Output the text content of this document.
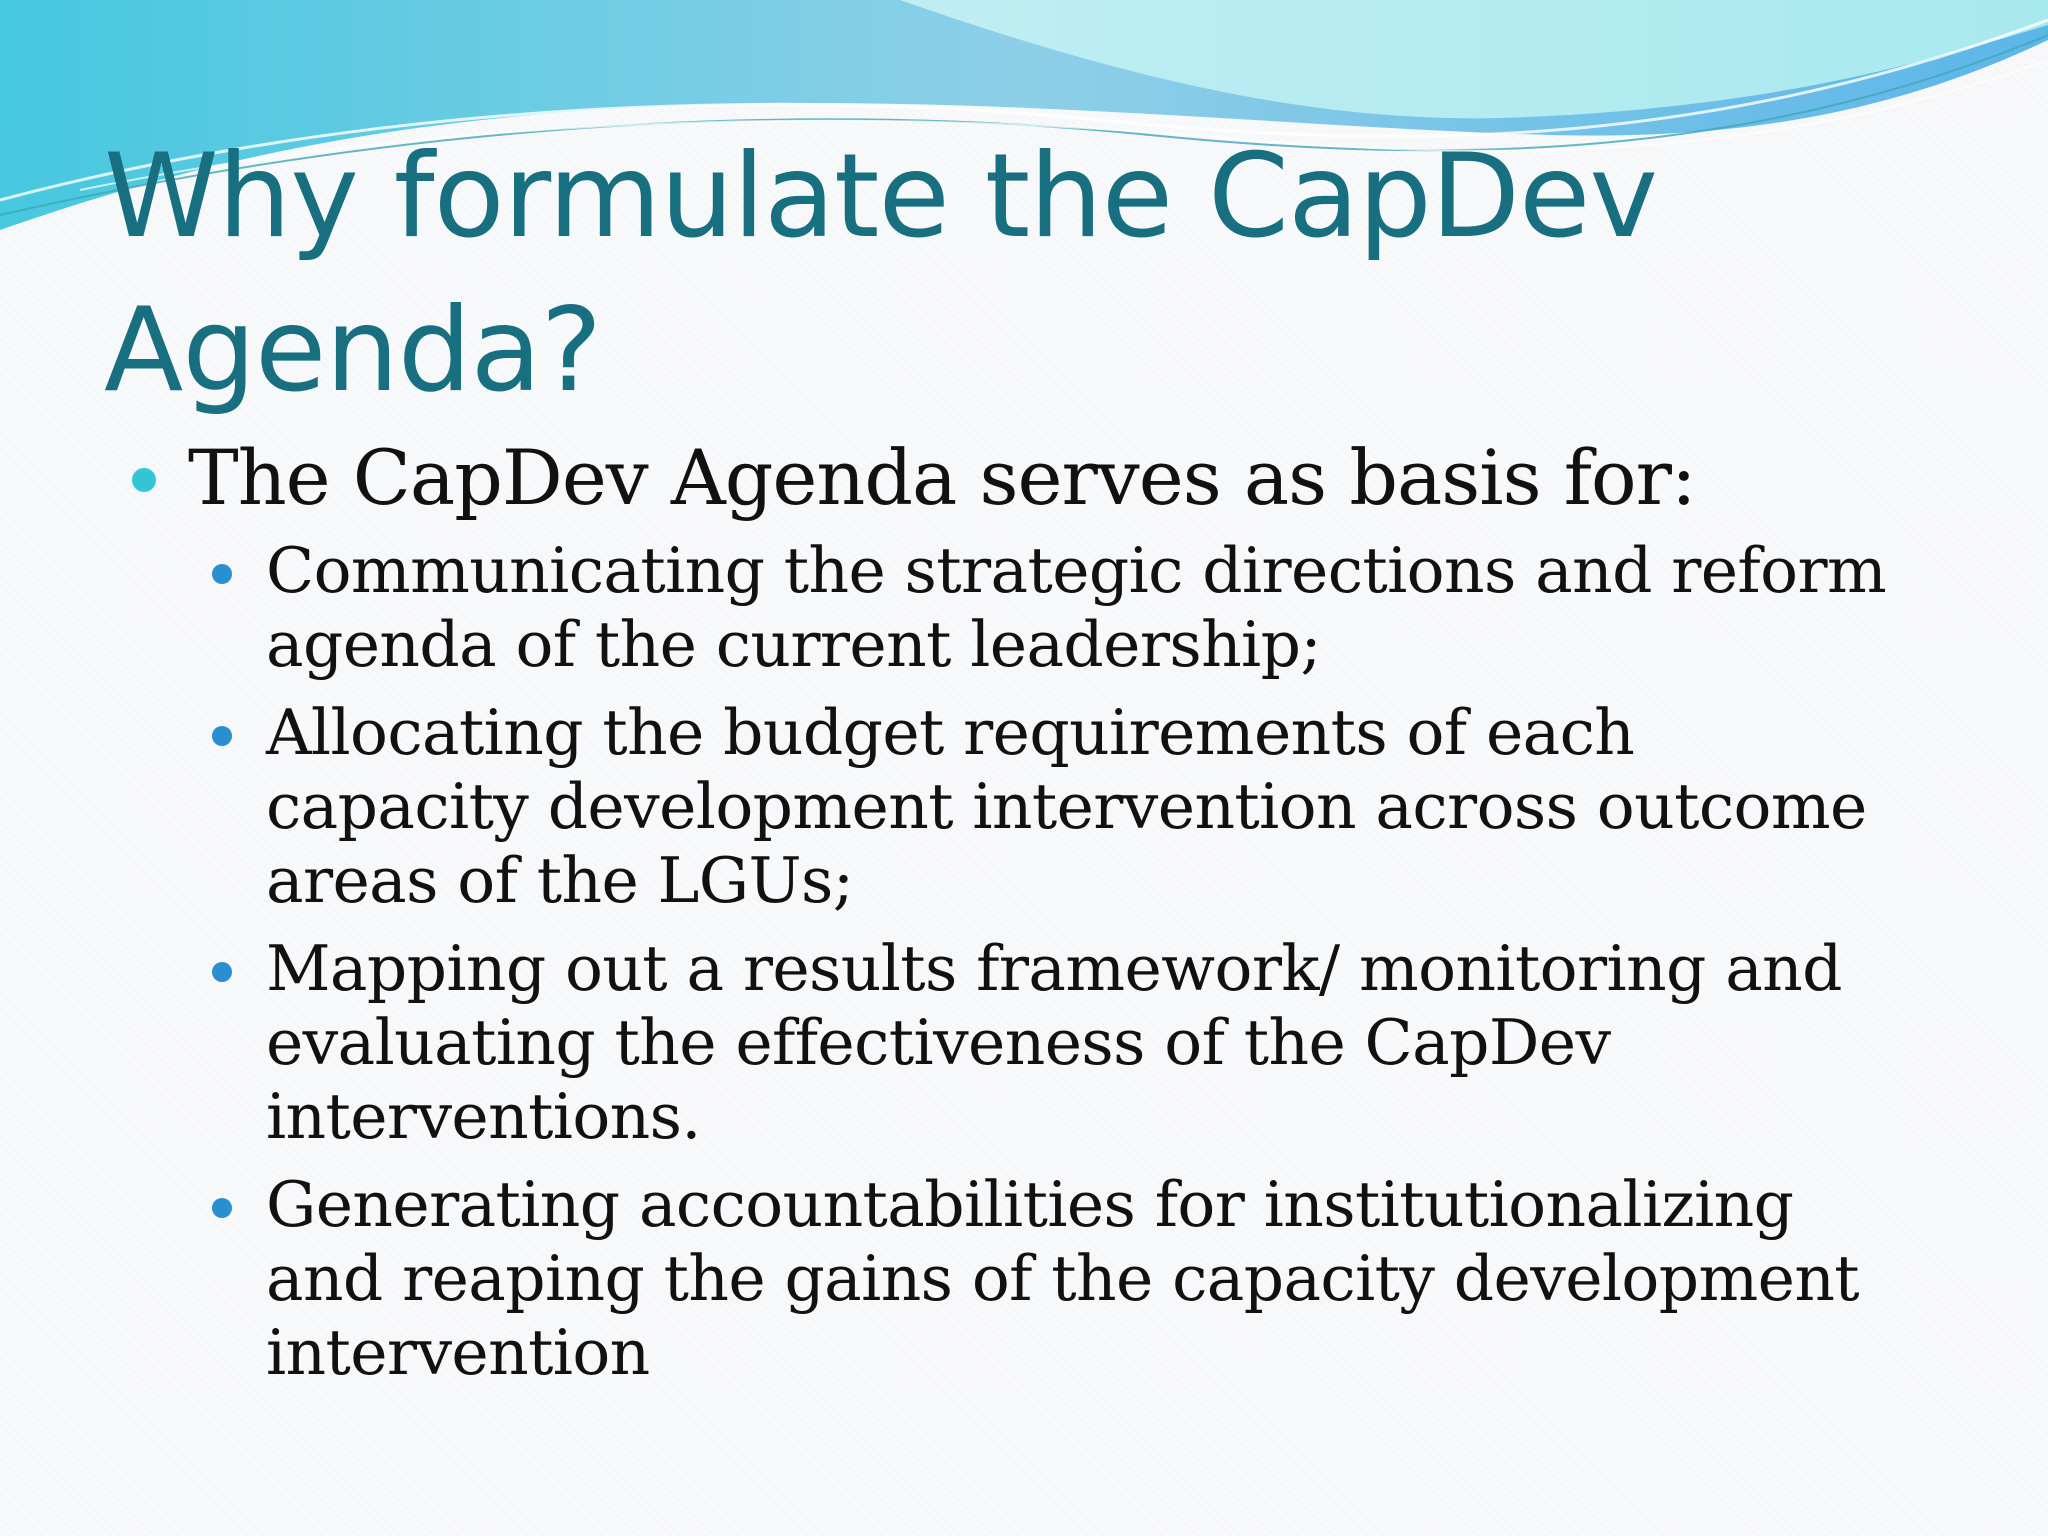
Why formulate the CapDev Agenda?
The CapDev Agenda serves as basis for:
Communicating the strategic directions and reform agenda of the current leadership;
Allocating the budget requirements of each capacity development intervention across outcome areas of the LGUs;
Mapping out a results framework/ monitoring and evaluating the effectiveness of the CapDev interventions.
Generating accountabilities for institutionalizing and reaping the gains of the capacity development intervention
